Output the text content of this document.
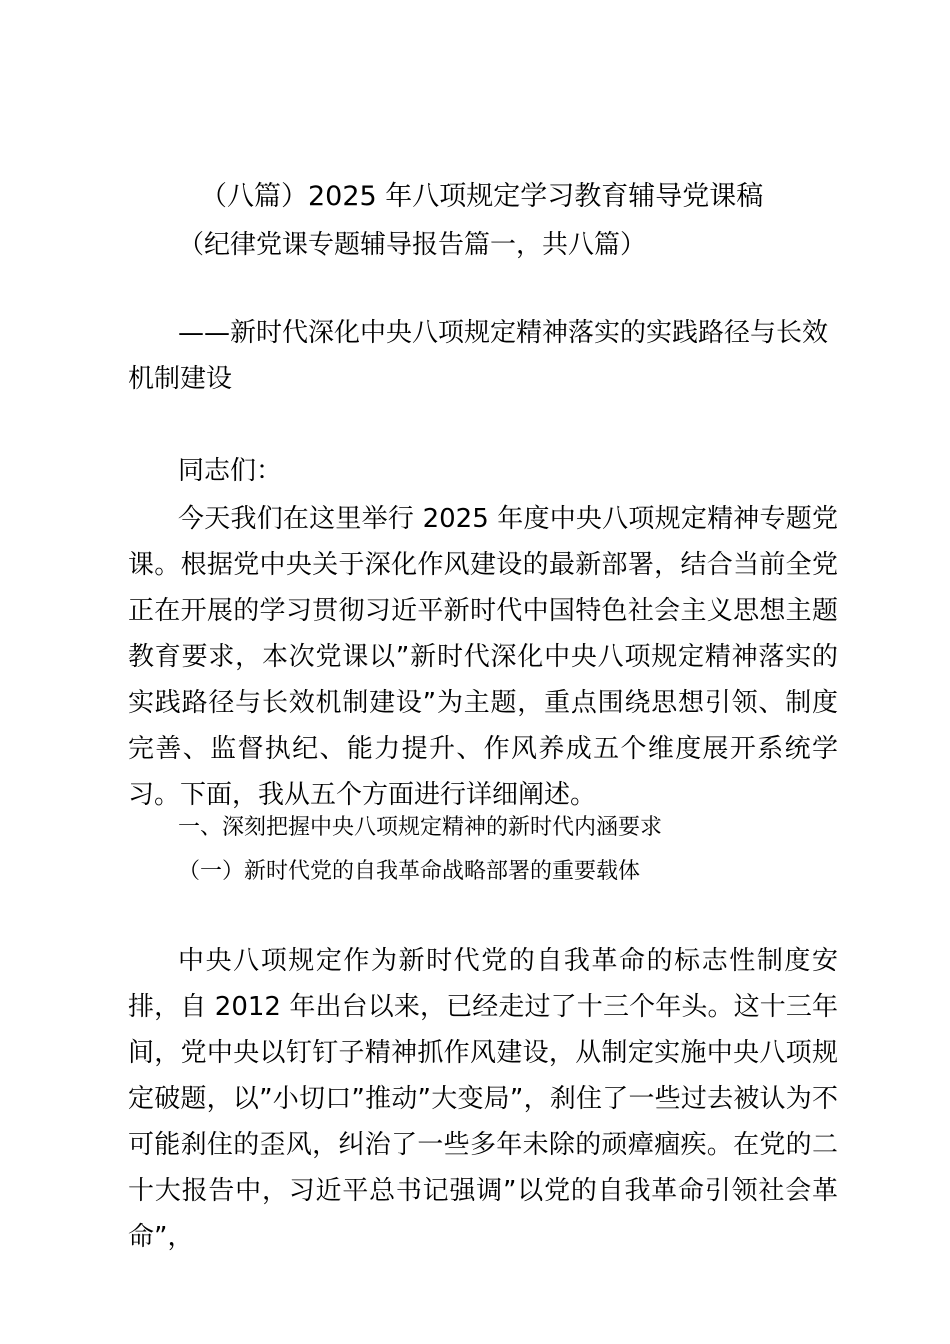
（八篇）2025 年八项规定学习教育辅导党课稿
（纪律党课专题辅导报告篇一，共八篇）
——新时代深化中央八项规定精神落实的实践路径与长效
机制建设
同志们：
今天我们在这里举行 2025 年度中央八项规定精神专题党课。根据党中央关于深化作风建设的最新部署，结合当前全党正在开展的学习贯彻习近平新时代中国特色社会主义思想主题教育要求，本次党课以”新时代深化中央八项规定精神落实的实践路径与长效机制建设”为主题，重点围绕思想引领、制度完善、监督执纪、能力提升、作风养成五个维度展开系统学习。下面，我从五个方面进行详细阐述。
一、深刻把握中央八项规定精神的新时代内涵要求
（一）新时代党的自我革命战略部署的重要载体
中央八项规定作为新时代党的自我革命的标志性制度安排，自 2012 年出台以来，已经走过了十三个年头。这十三年间，党中央以钉钉子精神抓作风建设，从制定实施中央八项规定破题，以”小切口”推动”大变局”，刹住了一些过去被认为不可能刹住的歪风，纠治了一些多年未除的顽瘴痼疾。在党的二十大报告中，习近平总书记强调”以党的自我革命引领社会革命”，
